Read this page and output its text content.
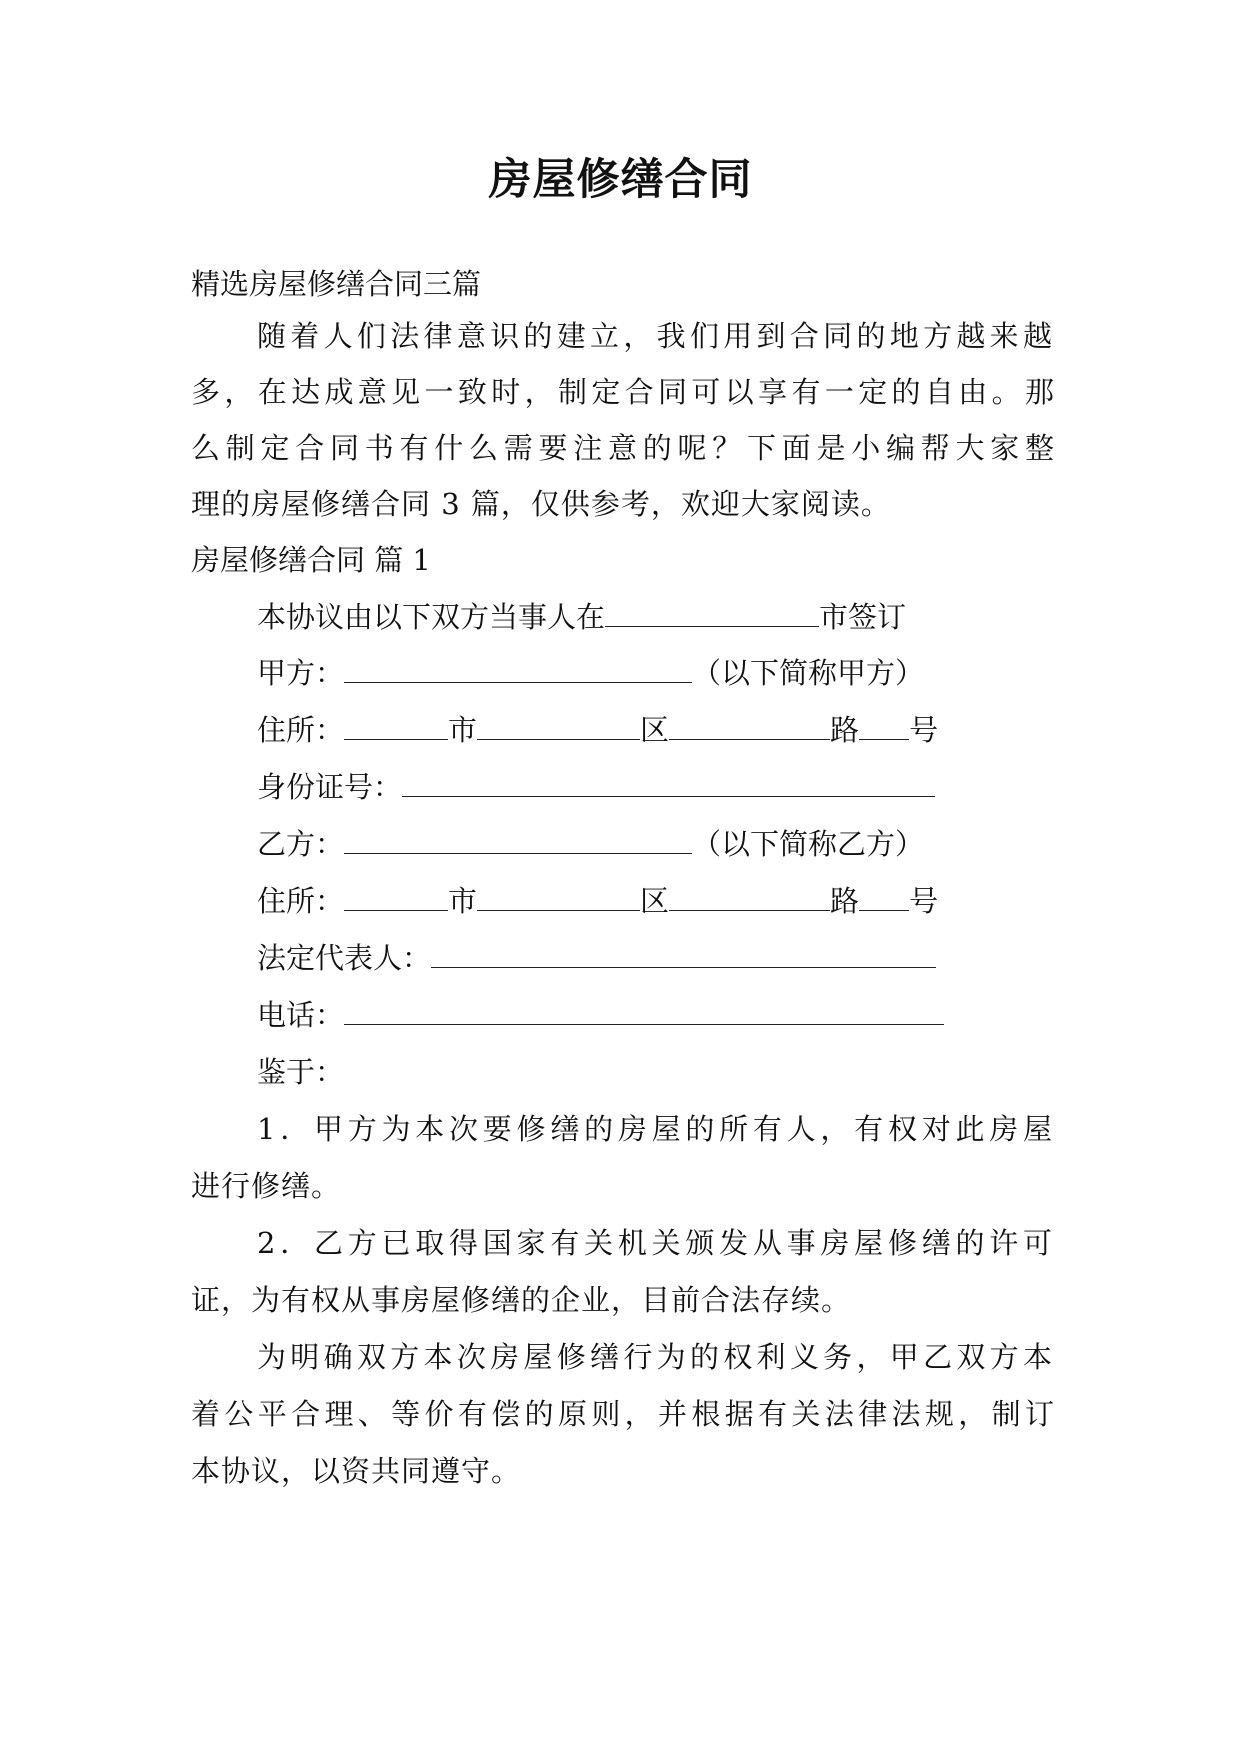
房屋修缮合同
精选房屋修缮合同三篇
随着人们法律意识的建立，我们用到合同的地方越来越
多，在达成意见一致时，制定合同可以享有一定的自由。那
么制定合同书有什么需要注意的呢？下面是小编帮大家整
理的房屋修缮合同 3 篇，仅供参考，欢迎大家阅读。
房屋修缮合同 篇 1
本协议由以下双方当事人在	市签订
甲方：	（以下简称甲方）
住所：	市	区	路 号
身份证号：
乙方：	（以下简称乙方）
住所：	市	区	路 号
法定代表人：
电话：
鉴于：
1．甲方为本次要修缮的房屋的所有人，有权对此房屋
进行修缮。
2．乙方已取得国家有关机关颁发从事房屋修缮的许可
证，为有权从事房屋修缮的企业，目前合法存续。
为明确双方本次房屋修缮行为的权利义务，甲乙双方本
着公平合理、等价有偿的原则，并根据有关法律法规，制订
本协议，以资共同遵守。
